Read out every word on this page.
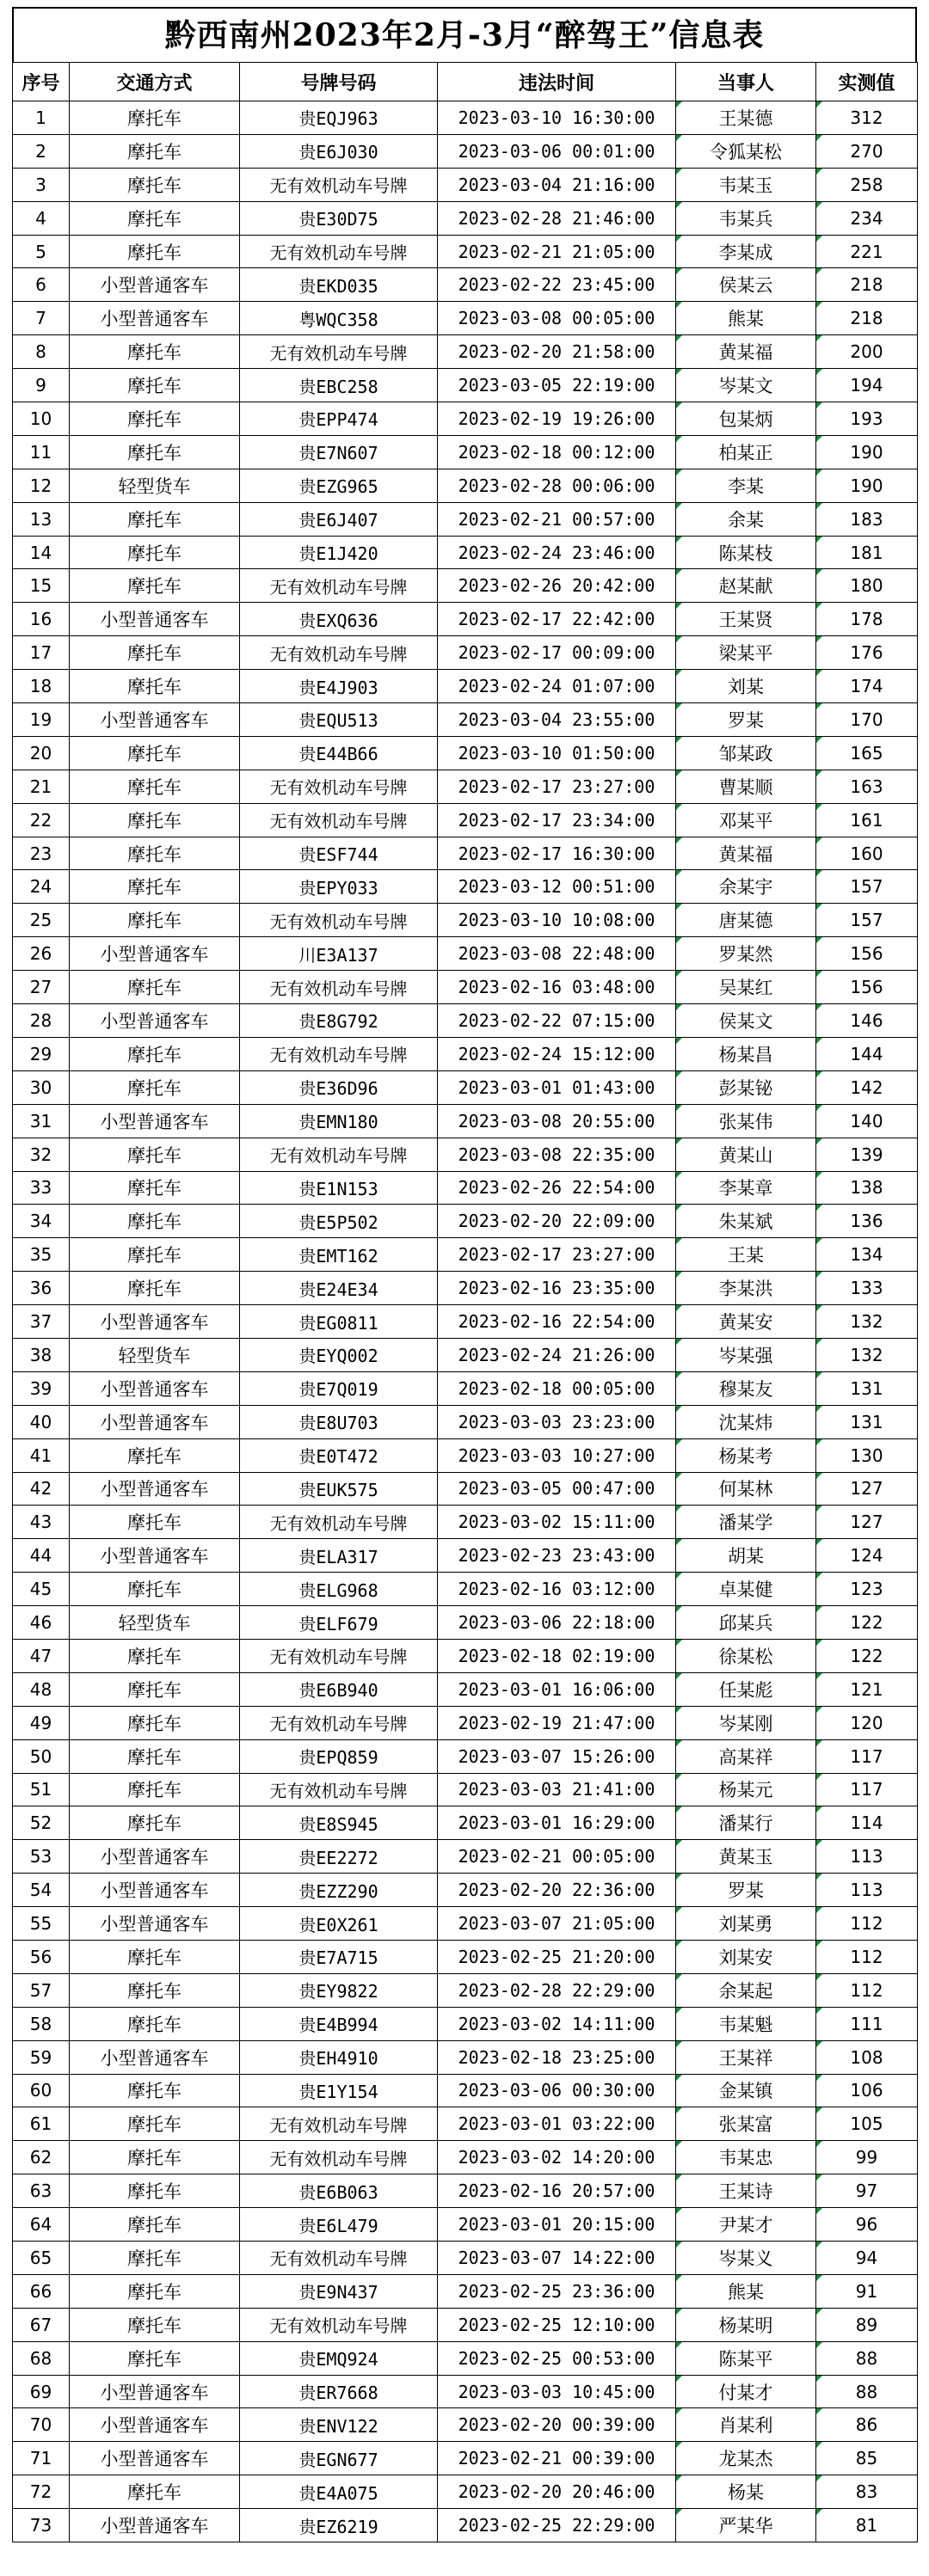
黔西南州2023年2月-3月“醉驾王”信息表
序号	交通方式	号牌号码	违法时间	当事人	实测值
1	摩托车	贵EQJ963	2023-03-10 16:30:00	王某德	312
2	摩托车	贵E6J030	2023-03-06 00:01:00	令狐某松	270
3	摩托车	无有效机动车号牌	2023-03-04 21:16:00	韦某玉	258
4	摩托车	贵E30D75	2023-02-28 21:46:00	韦某兵	234
5	摩托车	无有效机动车号牌	2023-02-21 21:05:00	李某成	221
6	小型普通客车	贵EKD035	2023-02-22 23:45:00	侯某云	218
7	小型普通客车	粤WQC358	2023-03-08 00:05:00	熊某	218
8	摩托车	无有效机动车号牌	2023-02-20 21:58:00	黄某福	200
9	摩托车	贵EBC258	2023-03-05 22:19:00	岑某文	194
10	摩托车	贵EPP474	2023-02-19 19:26:00	包某炳	193
11	摩托车	贵E7N607	2023-02-18 00:12:00	柏某正	190
12	轻型货车	贵EZG965	2023-02-28 00:06:00	李某	190
13	摩托车	贵E6J407	2023-02-21 00:57:00	余某	183
14	摩托车	贵E1J420	2023-02-24 23:46:00	陈某枝	181
15	摩托车	无有效机动车号牌	2023-02-26 20:42:00	赵某献	180
16	小型普通客车	贵EXQ636	2023-02-17 22:42:00	王某贤	178
17	摩托车	无有效机动车号牌	2023-02-17 00:09:00	梁某平	176
18	摩托车	贵E4J903	2023-02-24 01:07:00	刘某	174
19	小型普通客车	贵EQU513	2023-03-04 23:55:00	罗某	170
20	摩托车	贵E44B66	2023-03-10 01:50:00	邹某政	165
21	摩托车	无有效机动车号牌	2023-02-17 23:27:00	曹某顺	163
22	摩托车	无有效机动车号牌	2023-02-17 23:34:00	邓某平	161
23	摩托车	贵ESF744	2023-02-17 16:30:00	黄某福	160
24	摩托车	贵EPY033	2023-03-12 00:51:00	余某宇	157
25	摩托车	无有效机动车号牌	2023-03-10 10:08:00	唐某德	157
26	小型普通客车	川E3A137	2023-03-08 22:48:00	罗某然	156
27	摩托车	无有效机动车号牌	2023-02-16 03:48:00	吴某红	156
28	小型普通客车	贵E8G792	2023-02-22 07:15:00	侯某文	146
29	摩托车	无有效机动车号牌	2023-02-24 15:12:00	杨某昌	144
30	摩托车	贵E36D96	2023-03-01 01:43:00	彭某铋	142
31	小型普通客车	贵EMN180	2023-03-08 20:55:00	张某伟	140
32	摩托车	无有效机动车号牌	2023-03-08 22:35:00	黄某山	139
33	摩托车	贵E1N153	2023-02-26 22:54:00	李某章	138
34	摩托车	贵E5P502	2023-02-20 22:09:00	朱某斌	136
35	摩托车	贵EMT162	2023-02-17 23:27:00	王某	134
36	摩托车	贵E24E34	2023-02-16 23:35:00	李某洪	133
37	小型普通客车	贵EG0811	2023-02-16 22:54:00	黄某安	132
38	轻型货车	贵EYQ002	2023-02-24 21:26:00	岑某强	132
39	小型普通客车	贵E7Q019	2023-02-18 00:05:00	穆某友	131
40	小型普通客车	贵E8U703	2023-03-03 23:23:00	沈某炜	131
41	摩托车	贵E0T472	2023-03-03 10:27:00	杨某考	130
42	小型普通客车	贵EUK575	2023-03-05 00:47:00	何某林	127
43	摩托车	无有效机动车号牌	2023-03-02 15:11:00	潘某学	127
44	小型普通客车	贵ELA317	2023-02-23 23:43:00	胡某	124
45	摩托车	贵ELG968	2023-02-16 03:12:00	卓某健	123
46	轻型货车	贵ELF679	2023-03-06 22:18:00	邱某兵	122
47	摩托车	无有效机动车号牌	2023-02-18 02:19:00	徐某松	122
48	摩托车	贵E6B940	2023-03-01 16:06:00	任某彪	121
49	摩托车	无有效机动车号牌	2023-02-19 21:47:00	岑某刚	120
50	摩托车	贵EPQ859	2023-03-07 15:26:00	高某祥	117
51	摩托车	无有效机动车号牌	2023-03-03 21:41:00	杨某元	117
52	摩托车	贵E8S945	2023-03-01 16:29:00	潘某行	114
53	小型普通客车	贵EE2272	2023-02-21 00:05:00	黄某玉	113
54	小型普通客车	贵EZZ290	2023-02-20 22:36:00	罗某	113
55	小型普通客车	贵E0X261	2023-03-07 21:05:00	刘某勇	112
56	摩托车	贵E7A715	2023-02-25 21:20:00	刘某安	112
57	摩托车	贵EY9822	2023-02-28 22:29:00	余某起	112
58	摩托车	贵E4B994	2023-03-02 14:11:00	韦某魁	111
59	小型普通客车	贵EH4910	2023-02-18 23:25:00	王某祥	108
60	摩托车	贵E1Y154	2023-03-06 00:30:00	金某镇	106
61	摩托车	无有效机动车号牌	2023-03-01 03:22:00	张某富	105
62	摩托车	无有效机动车号牌	2023-03-02 14:20:00	韦某忠	99
63	摩托车	贵E6B063	2023-02-16 20:57:00	王某诗	97
64	摩托车	贵E6L479	2023-03-01 20:15:00	尹某才	96
65	摩托车	无有效机动车号牌	2023-03-07 14:22:00	岑某义	94
66	摩托车	贵E9N437	2023-02-25 23:36:00	熊某	91
67	摩托车	无有效机动车号牌	2023-02-25 12:10:00	杨某明	89
68	摩托车	贵EMQ924	2023-02-25 00:53:00	陈某平	88
69	小型普通客车	贵ER7668	2023-03-03 10:45:00	付某才	88
70	小型普通客车	贵ENV122	2023-02-20 00:39:00	肖某利	86
71	小型普通客车	贵EGN677	2023-02-21 00:39:00	龙某杰	85
72	摩托车	贵E4A075	2023-02-20 20:46:00	杨某	83
73	小型普通客车	贵EZ6219	2023-02-25 22:29:00	严某华	81
